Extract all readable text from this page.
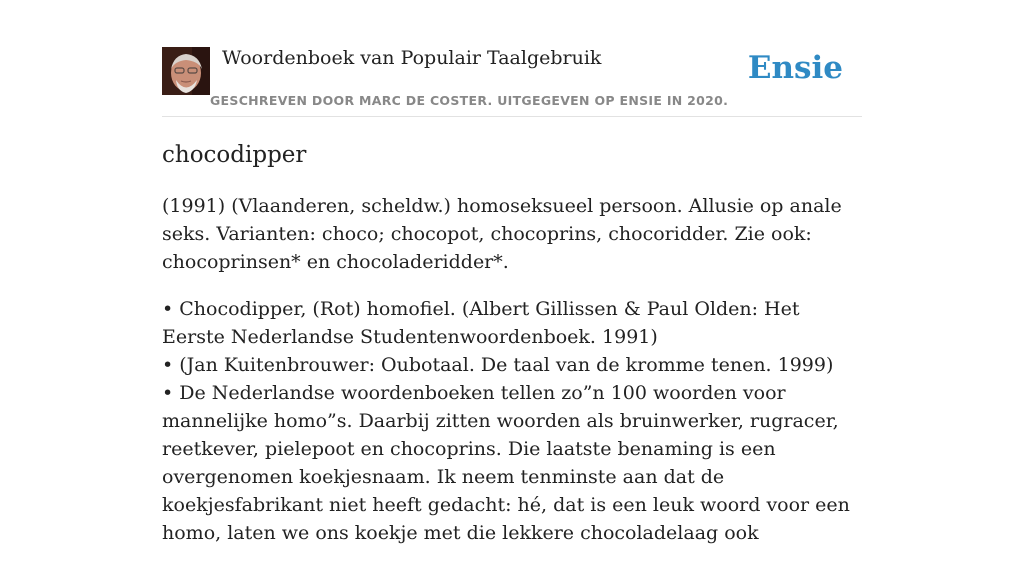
Woordenboek van Populair Taalgebruik
GESCHREVEN DOOR MARC DE COSTER. UITGEGEVEN OP ENSIE IN 2020.
Ensie
chocodipper

(1991) (Vlaanderen, scheldw.) homoseksueel persoon. Allusie op anale seks. Varianten: choco; chocopot, chocoprins, chocoridder. Zie ook: chocoprinsen* en chocoladeridder*.

• Chocodipper, (Rot) homofiel. (Albert Gillissen & Paul Olden: Het Eerste Nederlandse Studentenwoordenboek. 1991)
• (Jan Kuitenbrouwer: Oubotaal. De taal van de kromme tenen. 1999)
• De Nederlandse woordenboeken tellen zo”n 100 woorden voor mannelijke homo”s. Daarbij zitten woorden als bruinwerker, rugracer, reetkever, pielepoot en chocoprins. Die laatste benaming is een overgenomen koekjesnaam. Ik neem tenminste aan dat de koekjesfabrikant niet heeft gedacht: hé, dat is een leuk woord voor een homo, laten we ons koekje met die lekkere chocoladelaag ook
